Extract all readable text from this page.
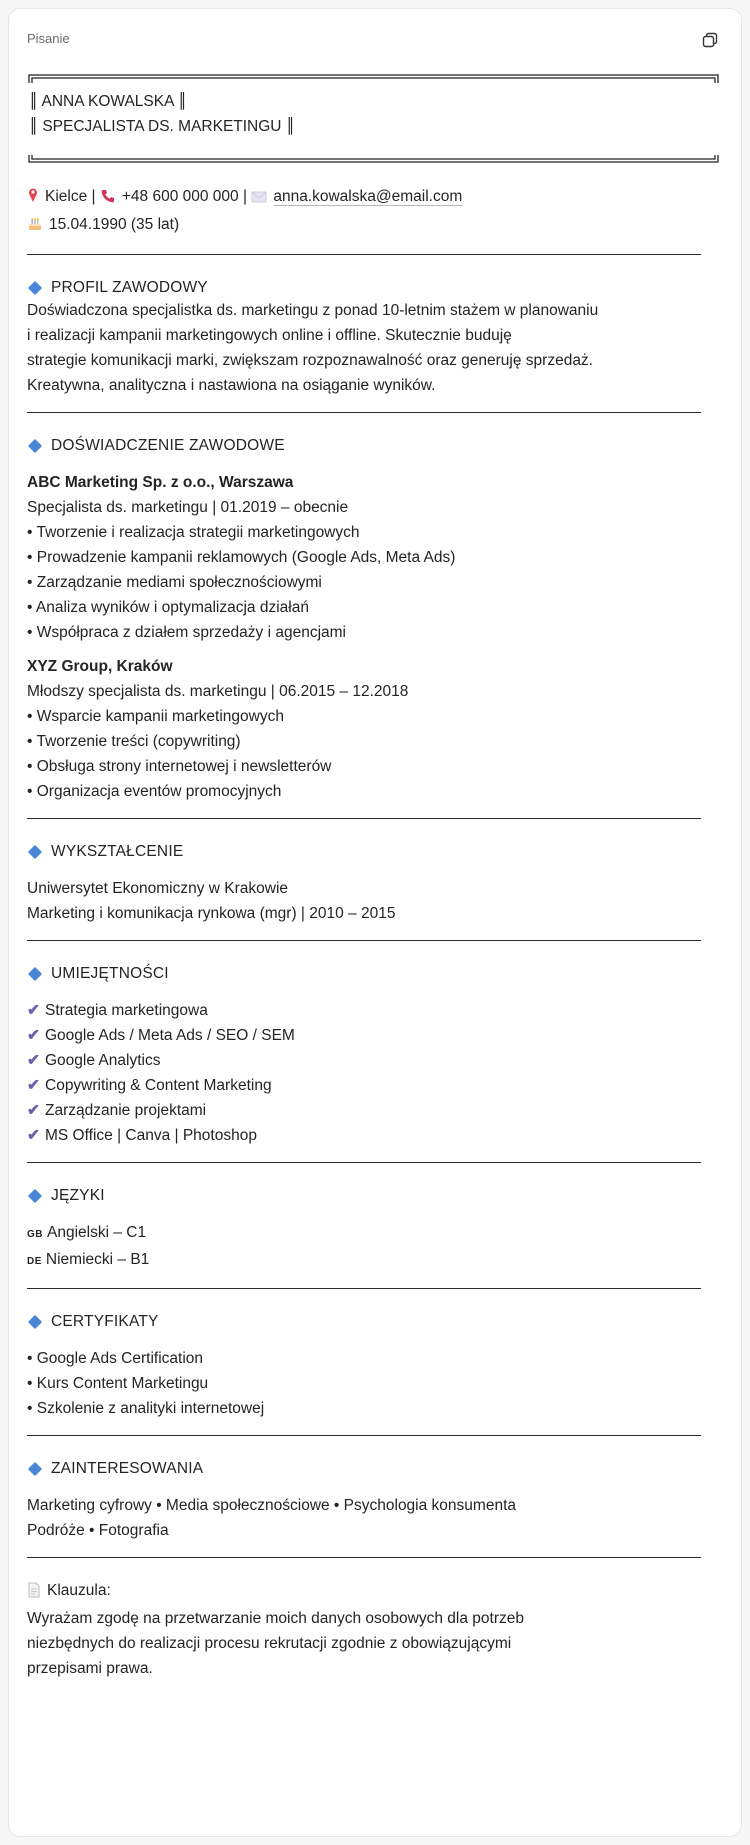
Pisanie
║ ANNA KOWALSKA ║
║ SPECJALISTA DS. MARKETINGU ║
Kielce | +48 600 000 000 | anna.kowalska@email.com
15.04.1990 (35 lat)
PROFIL ZAWODOWY
Doświadczona specjalistka ds. marketingu z ponad 10-letnim stażem w planowaniu
i realizacji kampanii marketingowych online i offline. Skutecznie buduję
strategie komunikacji marki, zwiększam rozpoznawalność oraz generuję sprzedaż.
Kreatywna, analityczna i nastawiona na osiąganie wyników.
DOŚWIADCZENIE ZAWODOWE
ABC Marketing Sp. z o.o., Warszawa
Specjalista ds. marketingu | 01.2019 – obecnie
• Tworzenie i realizacja strategii marketingowych
• Prowadzenie kampanii reklamowych (Google Ads, Meta Ads)
• Zarządzanie mediami społecznościowymi
• Analiza wyników i optymalizacja działań
• Współpraca z działem sprzedaży i agencjami
XYZ Group, Kraków
Młodszy specjalista ds. marketingu | 06.2015 – 12.2018
• Wsparcie kampanii marketingowych
• Tworzenie treści (copywriting)
• Obsługa strony internetowej i newsletterów
• Organizacja eventów promocyjnych
WYKSZTAŁCENIE
Uniwersytet Ekonomiczny w Krakowie
Marketing i komunikacja rynkowa (mgr) | 2010 – 2015
UMIEJĘTNOŚCI
✔ Strategia marketingowa
✔ Google Ads / Meta Ads / SEO / SEM
✔ Google Analytics
✔ Copywriting & Content Marketing
✔ Zarządzanie projektami
✔ MS Office | Canva | Photoshop
JĘZYKI
GB Angielski – C1
DE Niemiecki – B1
CERTYFIKATY
• Google Ads Certification
• Kurs Content Marketingu
• Szkolenie z analityki internetowej
ZAINTERESOWANIA
Marketing cyfrowy • Media społecznościowe • Psychologia konsumenta
Podróże • Fotografia
Klauzula:
Wyrażam zgodę na przetwarzanie moich danych osobowych dla potrzeb
niezbędnych do realizacji procesu rekrutacji zgodnie z obowiązującymi
przepisami prawa.
